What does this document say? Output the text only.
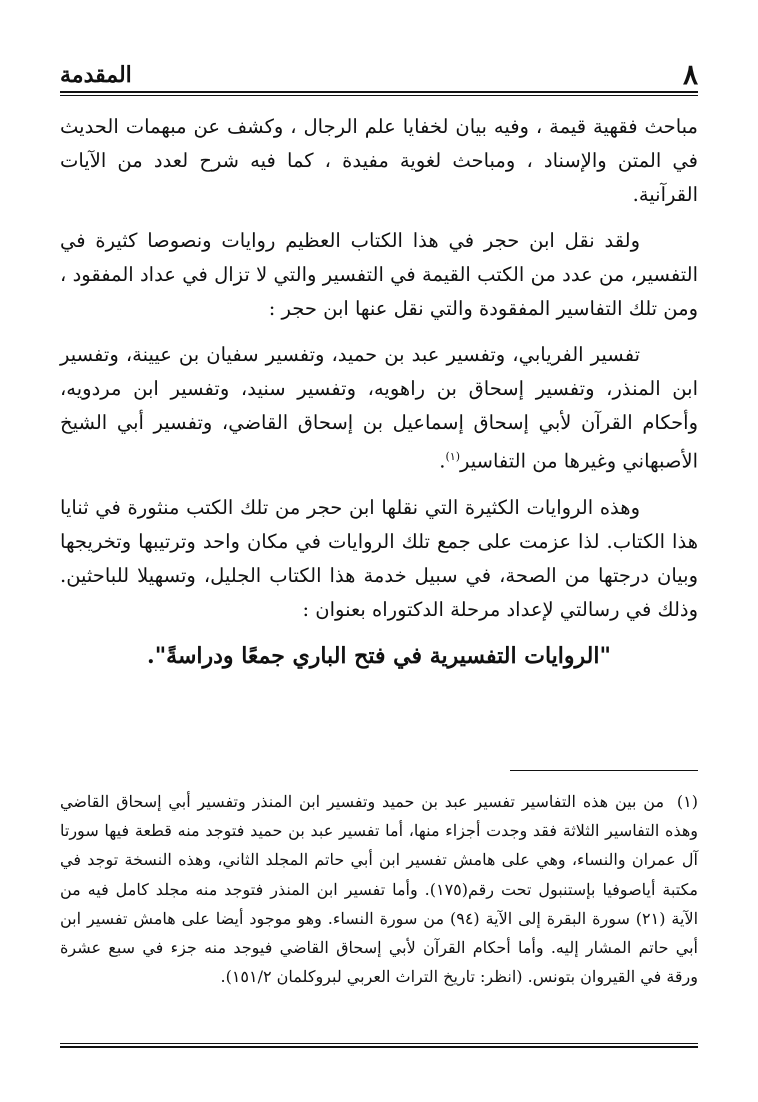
٨
المقدمة

مباحث فقهية قيمة ، وفيه بيان لخفايا علم الرجال ، وكشف عن مبهمات الحديث في المتن والإسناد ، ومباحث لغوية مفيدة ، كما فيه شرح لعدد من الآيات القرآنية.

ولقد نقل ابن حجر في هذا الكتاب العظيم روايات ونصوصا كثيرة في التفسير، من عدد من الكتب القيمة في التفسير والتي لا تزال في عداد المفقود ، ومن تلك التفاسير المفقودة والتي نقل عنها ابن حجر :

تفسير الفريابي، وتفسير عبد بن حميد، وتفسير سفيان بن عيينة، وتفسير ابن المنذر، وتفسير إسحاق بن راهويه، وتفسير سنيد، وتفسير ابن مردويه، وأحكام القرآن لأبي إسحاق إسماعيل بن إسحاق القاضي، وتفسير أبي الشيخ الأصبهاني وغيرها من التفاسير$^{(١)}$.

وهذه الروايات الكثيرة التي نقلها ابن حجر من تلك الكتب منثورة في ثنايا هذا الكتاب. لذا عزمت على جمع تلك الروايات في مكان واحد وترتيبها وتخريجها وبيان درجتها من الصحة، في سبيل خدمة هذا الكتاب الجليل، وتسهيلا للباحثين. وذلك في رسالتي لإعداد مرحلة الدكتوراه بعنوان :

"الروايات التفسيرية في فتح الباري جمعًا ودراسةً".

(١) من بين هذه التفاسير تفسير عبد بن حميد وتفسير ابن المنذر وتفسير أبي إسحاق القاضي وهذه التفاسير الثلاثة فقد وجدت أجزاء منها، أما تفسير عبد بن حميد فتوجد منه قطعة فيها سورتا آل عمران والنساء، وهي على هامش تفسير ابن أبي حاتم المجلد الثاني، وهذه النسخة توجد في مكتبة أياصوفيا بإستنبول تحت رقم(١٧٥). وأما تفسير ابن المنذر فتوجد منه مجلد كامل فيه من الآية (٢١) سورة البقرة إلى الآية (٩٤) من سورة النساء. وهو موجود أيضا على هامش تفسير ابن أبي حاتم المشار إليه. وأما أحكام القرآن لأبي إسحاق القاضي فيوجد منه جزء في سبع عشرة ورقة في القيروان بتونس. (انظر: تاريخ التراث العربي لبروكلمان ١٥١/٢).
